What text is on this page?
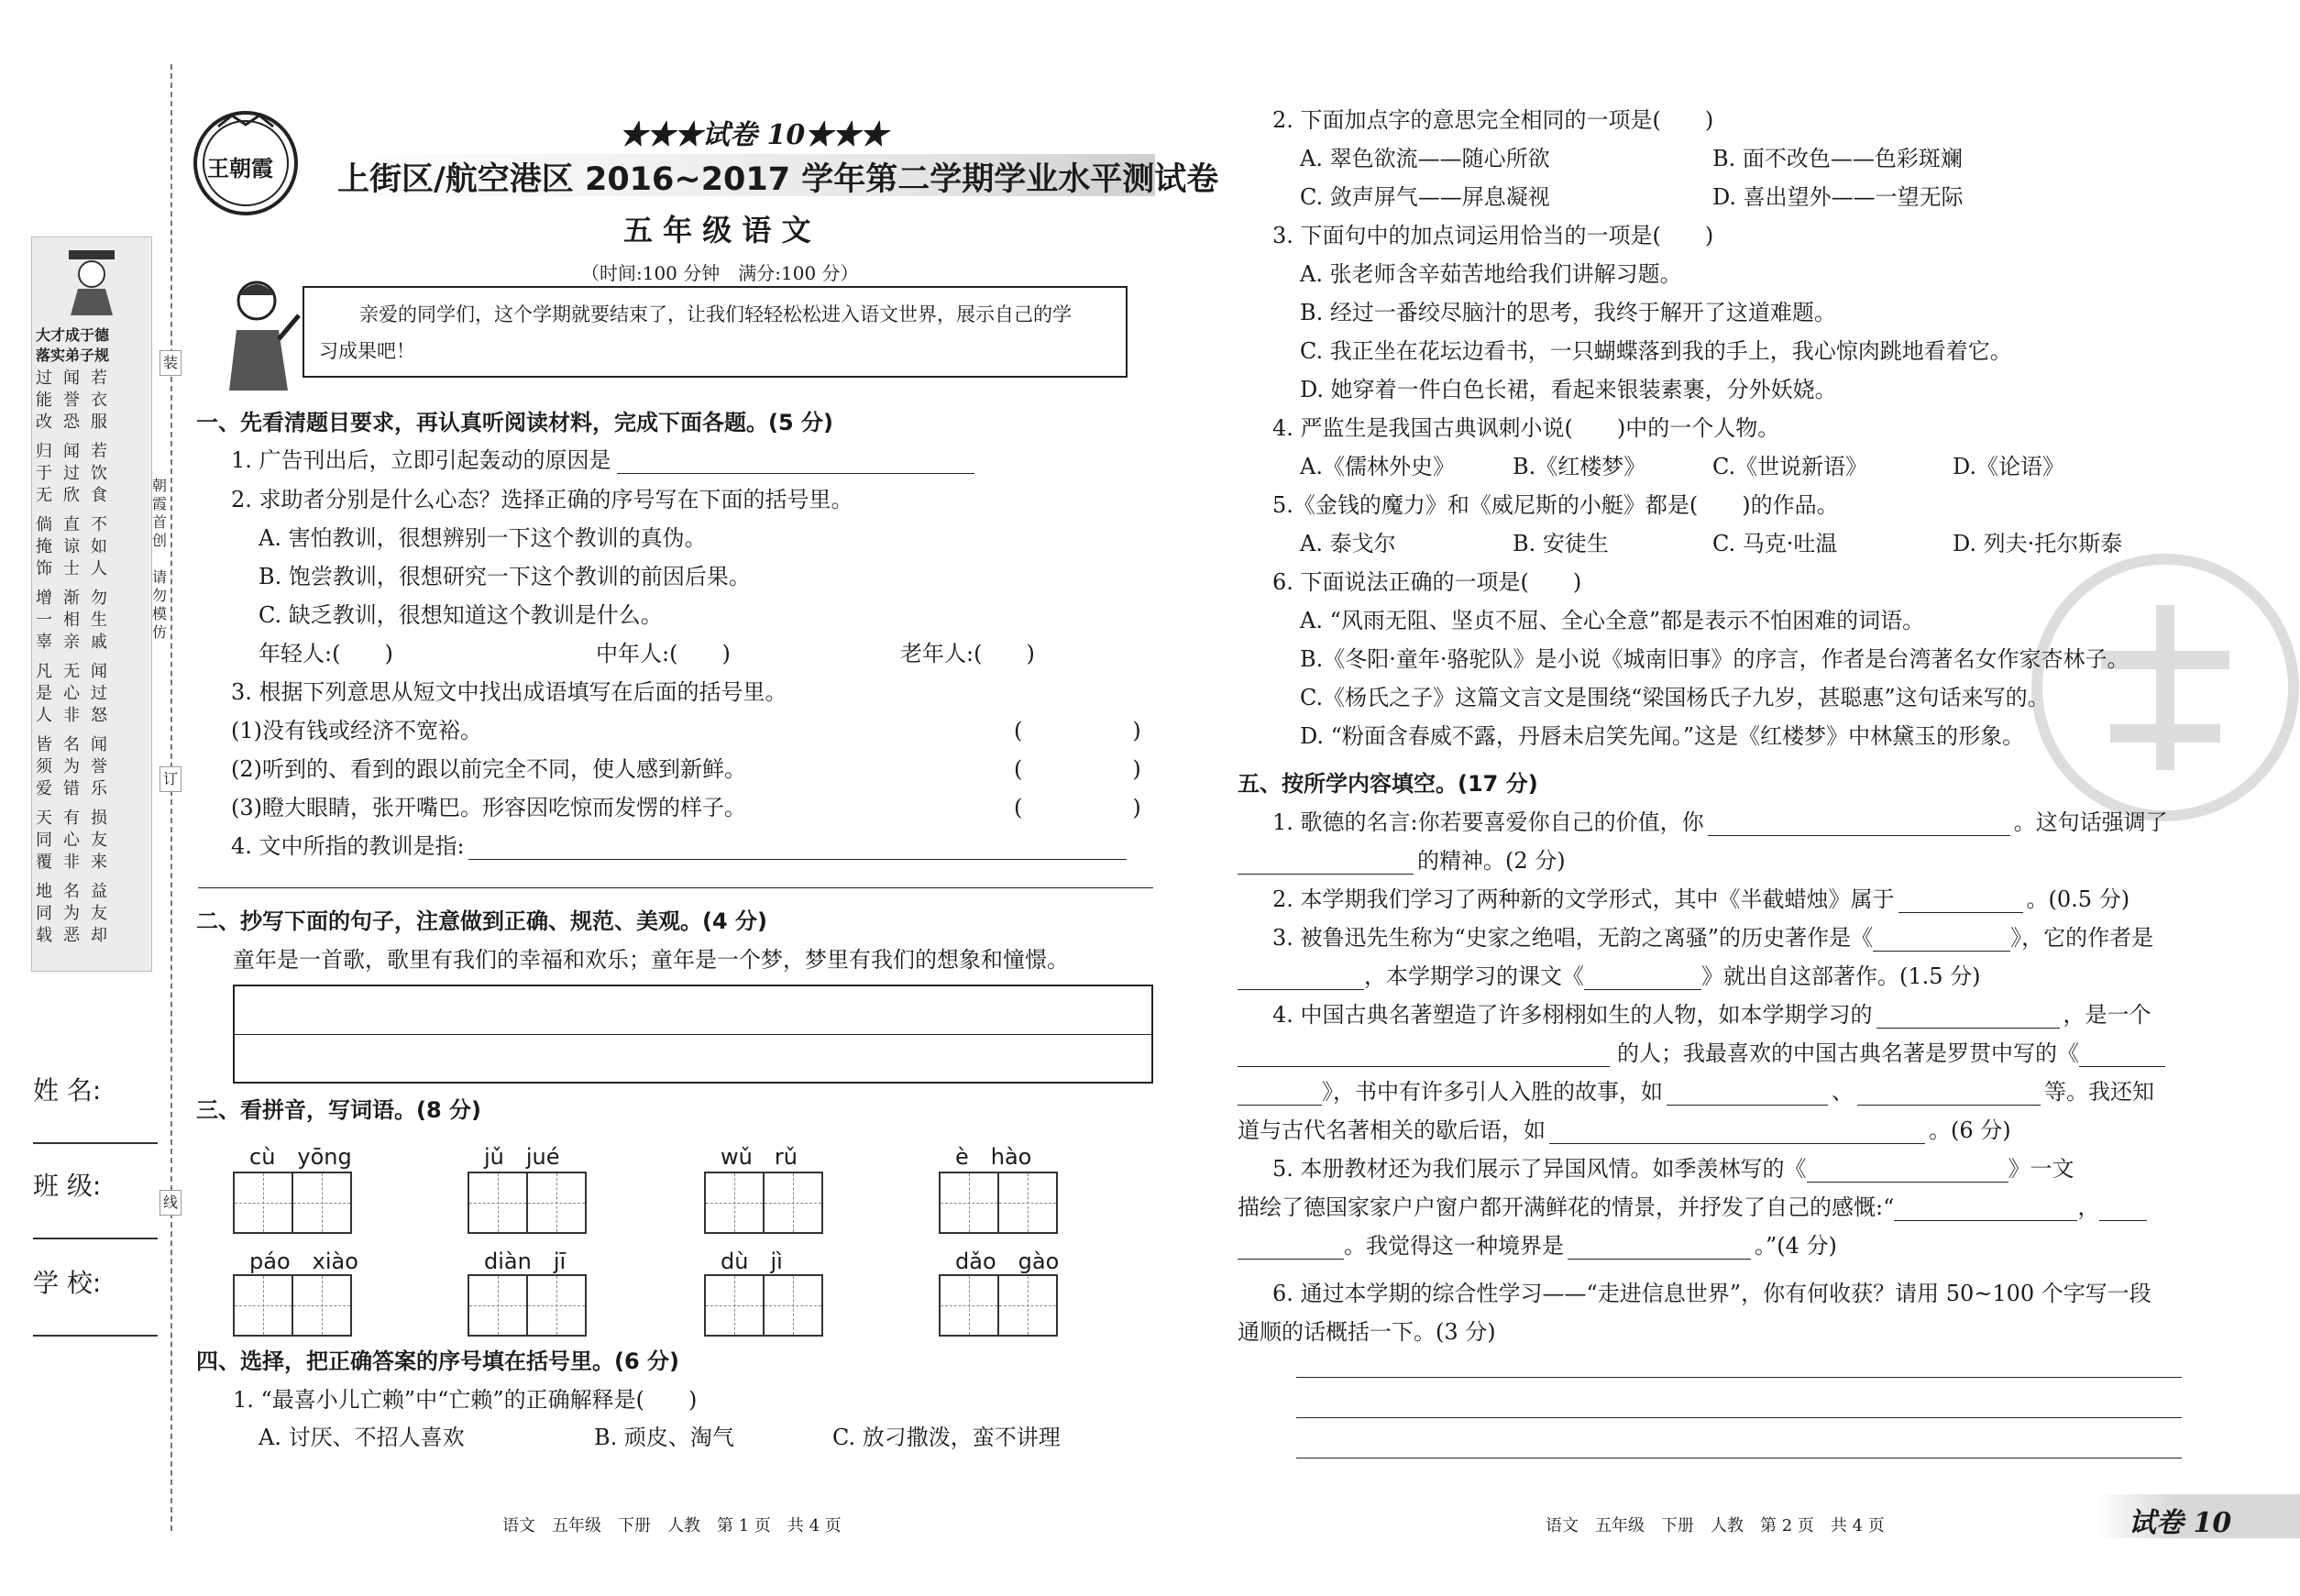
装
订
线
朝霞首创
请勿模仿
大才成于德
落实弟子规
过能改
闻誉恐
若衣服
归于无
闻过欣
若饮食
倘掩饰
直谅士
不如人
增一辜
渐相亲
勿生戚
凡是人
无心非
闻过怒
皆须爱
名为错
闻誉乐
天同覆
有心非
损友来
地同载
名为恶
益友却
姓 名:
班 级:
学 校:
王朝霞
★★★试卷 10★★★
上街区/航空港区 2016~2017 学年第二学期学业水平测试卷
五 年 级 语 文
（时间:100 分钟　满分:100 分）
亲爱的同学们，这个学期就要结束了，让我们轻轻松松进入语文世界，展示自己的学
习成果吧！
一、先看清题目要求，再认真听阅读材料，完成下面各题。(5 分)
1. 广告刊出后，立即引起轰动的原因是
2. 求助者分别是什么心态？选择正确的序号写在下面的括号里。
A. 害怕教训，很想辨别一下这个教训的真伪。
B. 饱尝教训，很想研究一下这个教训的前因后果。
C. 缺乏教训，很想知道这个教训是什么。
年轻人:(　　)	中年人:(　　)	老年人:(　　)
3. 根据下列意思从短文中找出成语填写在后面的括号里。
(1)没有钱或经济不宽裕。	(　　　　　)
(2)听到的、看到的跟以前完全不同，使人感到新鲜。	(　　　　　)
(3)瞪大眼睛，张开嘴巴。形容因吃惊而发愣的样子。	(　　　　　)
4. 文中所指的教训是指:
二、抄写下面的句子，注意做到正确、规范、美观。(4 分)
童年是一首歌，歌里有我们的幸福和欢乐；童年是一个梦，梦里有我们的想象和憧憬。
三、看拼音，写词语。(8 分)
cù　yōng	jǔ　jué	wǔ　rǔ	è　hào
páo　xiào	diàn　jī	dù　jì	dǎo　gào
四、选择，把正确答案的序号填在括号里。(6 分)
1. “最喜小儿亡赖”中“亡赖”的正确解释是(　　)
A. 讨厌、不招人喜欢	B. 顽皮、淘气	C. 放刁撒泼，蛮不讲理
语文　五年级　下册　人教　第 1 页　共 4 页
2. 下面加点字的意思完全相同的一项是(　　)
A. 翠色欲流——随心所欲	B. 面不改色——色彩斑斓
C. 敛声屏气——屏息凝视	D. 喜出望外——一望无际
3. 下面句中的加点词运用恰当的一项是(　　)
A. 张老师含辛茹苦地给我们讲解习题。
B. 经过一番绞尽脑汁的思考，我终于解开了这道难题。
C. 我正坐在花坛边看书，一只蝴蝶落到我的手上，我心惊肉跳地看着它。
D. 她穿着一件白色长裙，看起来银装素裹，分外妖娆。
4. 严监生是我国古典讽刺小说(　　)中的一个人物。
A.《儒林外史》	B.《红楼梦》	C.《世说新语》	D.《论语》
5.《金钱的魔力》和《威尼斯的小艇》都是(　　)的作品。
A. 泰戈尔	B. 安徒生	C. 马克·吐温	D. 列夫·托尔斯泰
6. 下面说法正确的一项是(　　)
A. “风雨无阻、坚贞不屈、全心全意”都是表示不怕困难的词语。
B.《冬阳·童年·骆驼队》是小说《城南旧事》的序言，作者是台湾著名女作家杏林子。
C.《杨氏之子》这篇文言文是围绕“梁国杨氏子九岁，甚聪惠”这句话来写的。
D. “粉面含春威不露，丹唇未启笑先闻。”这是《红楼梦》中林黛玉的形象。
五、按所学内容填空。(17 分)
1. 歌德的名言:你若要喜爱你自己的价值，你	。这句话强调了
的精神。(2 分)
2. 本学期我们学习了两种新的文学形式，其中《半截蜡烛》属于	。(0.5 分)
3. 被鲁迅先生称为“史家之绝唱，无韵之离骚”的历史著作是《	》，它的作者是
，本学期学习的课文《	》就出自这部著作。(1.5 分)
4. 中国古典名著塑造了许多栩栩如生的人物，如本学期学习的	，是一个
的人；我最喜欢的中国古典名著是罗贯中写的《
》，书中有许多引人入胜的故事，如	、	等。我还知
道与古代名著相关的歇后语，如	。(6 分)
5. 本册教材还为我们展示了异国风情。如季羡林写的《	》一文
描绘了德国家家户户窗户都开满鲜花的情景，并抒发了自己的感慨:“	，
。我觉得这一种境界是	。”(4 分)
6. 通过本学期的综合性学习——“走进信息世界”，你有何收获？请用 50~100 个字写一段
通顺的话概括一下。(3 分)
语文　五年级　下册　人教　第 2 页　共 4 页	试卷 10
